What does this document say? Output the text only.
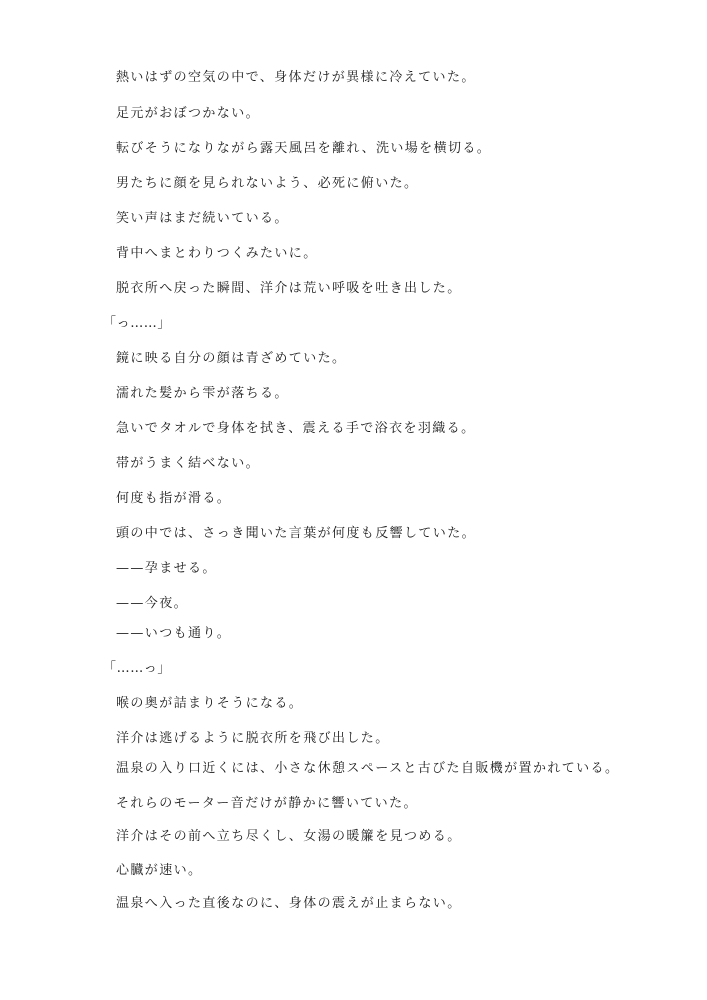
熱いはずの空気の中で、身体だけが異様に冷えていた。
足元がおぼつかない。
転びそうになりながら露天風呂を離れ、洗い場を横切る。
男たちに顔を見られないよう、必死に俯いた。
笑い声はまだ続いている。
背中へまとわりつくみたいに。
脱衣所へ戻った瞬間、洋介は荒い呼吸を吐き出した。
「っ……」
鏡に映る自分の顔は青ざめていた。
濡れた髪から雫が落ちる。
急いでタオルで身体を拭き、震える手で浴衣を羽織る。
帯がうまく結べない。
何度も指が滑る。
頭の中では、さっき聞いた言葉が何度も反響していた。
——孕ませる。
——今夜。
——いつも通り。
「……っ」
喉の奥が詰まりそうになる。
洋介は逃げるように脱衣所を飛び出した。
温泉の入り口近くには、小さな休憩スペースと古びた自販機が置かれている。
それらのモーター音だけが静かに響いていた。
洋介はその前へ立ち尽くし、女湯の暖簾を見つめる。
心臓が速い。
温泉へ入った直後なのに、身体の震えが止まらない。
